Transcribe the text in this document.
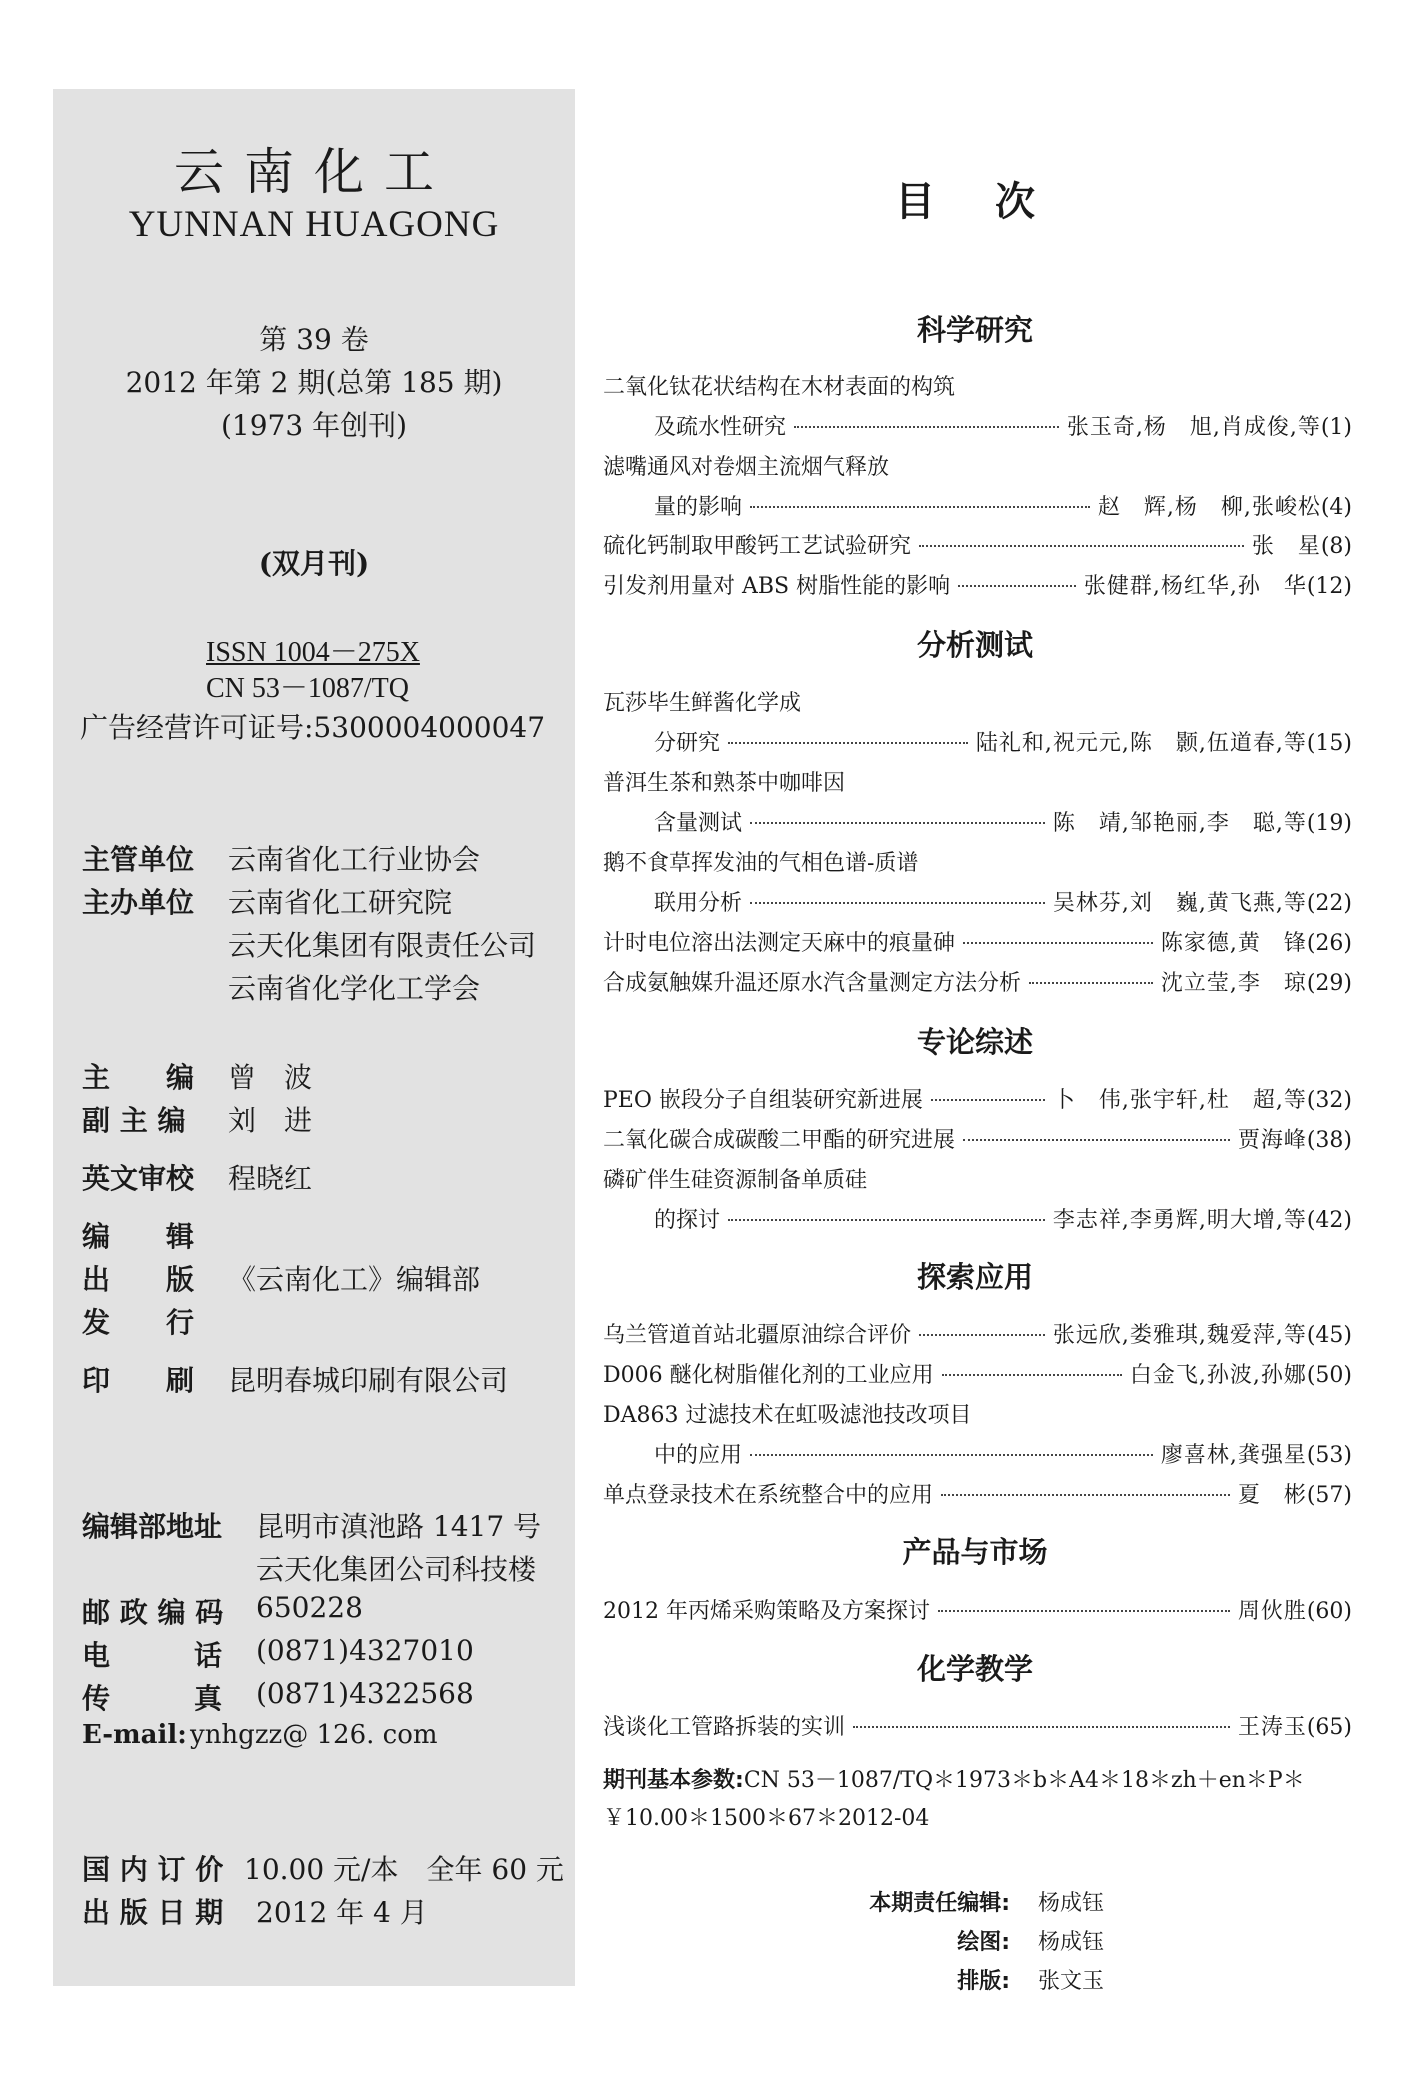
云南化工
YUNNAN HUAGONG
第 39 卷
2012 年第 2 期(总第 185 期)
(1973 年创刊)
(双月刊)
ISSN 1004－275X
CN 53－1087/TQ
广告经营许可证号:5300004000047
主管单位 云南省化工行业协会
主办单位 云南省化工研究院
云天化集团有限责任公司
云南省化学化工学会
主　　编 曾　波
副 主 编 刘　进
英文审校 程晓红
编　　辑
出　　版 《云南化工》编辑部
发　　行
印　　刷 昆明春城印刷有限公司
编辑部地址 昆明市滇池路 1417 号
云天化集团公司科技楼
邮 政 编 码 650228
电　　　话 (0871)4327010
传　　　真 (0871)4322568
E-mail: ynhgzz@ 126. com
国 内 订 价 10.00 元/本　全年 60 元
出 版 日 期 2012 年 4 月
目次
科学研究
二氧化钛花状结构在木材表面的构筑
及疏水性研究	张玉奇,杨　旭,肖成俊,等 (1)
滤嘴通风对卷烟主流烟气释放
量的影响	赵　辉,杨　柳,张峻松 (4)
硫化钙制取甲酸钙工艺试验研究	张　星 (8)
引发剂用量对 ABS 树脂性能的影响	张健群,杨红华,孙　华 (12)
分析测试
瓦莎毕生鲜酱化学成
分研究	陆礼和,祝元元,陈　颢,伍道春,等 (15)
普洱生茶和熟茶中咖啡因
含量测试	陈　靖,邹艳丽,李　聪,等 (19)
鹅不食草挥发油的气相色谱-质谱
联用分析	吴林芬,刘　巍,黄飞燕,等 (22)
计时电位溶出法测定天麻中的痕量砷	陈家德,黄　锋 (26)
合成氨触媒升温还原水汽含量测定方法分析	沈立莹,李　琼 (29)
专论综述
PEO 嵌段分子自组装研究新进展	卜　伟,张宇轩,杜　超,等 (32)
二氧化碳合成碳酸二甲酯的研究进展	贾海峰 (38)
磷矿伴生硅资源制备单质硅
的探讨	李志祥,李勇辉,明大增,等 (42)
探索应用
乌兰管道首站北疆原油综合评价	张远欣,娄雅琪,魏爱萍,等 (45)
D006 醚化树脂催化剂的工业应用	白金飞,孙波,孙娜 (50)
DA863 过滤技术在虹吸滤池技改项目
中的应用	廖喜林,龚强星 (53)
单点登录技术在系统整合中的应用	夏　彬 (57)
产品与市场
2012 年丙烯采购策略及方案探讨	周伙胜 (60)
化学教学
浅谈化工管路拆装的实训	王涛玉 (65)
期刊基本参数:CN 53－1087/TQ＊1973＊b＊A4＊18＊zh＋en＊P＊
￥10.00＊1500＊67＊2012-04
本期责任编辑: 杨成钰
绘图: 杨成钰
排版: 张文玉
